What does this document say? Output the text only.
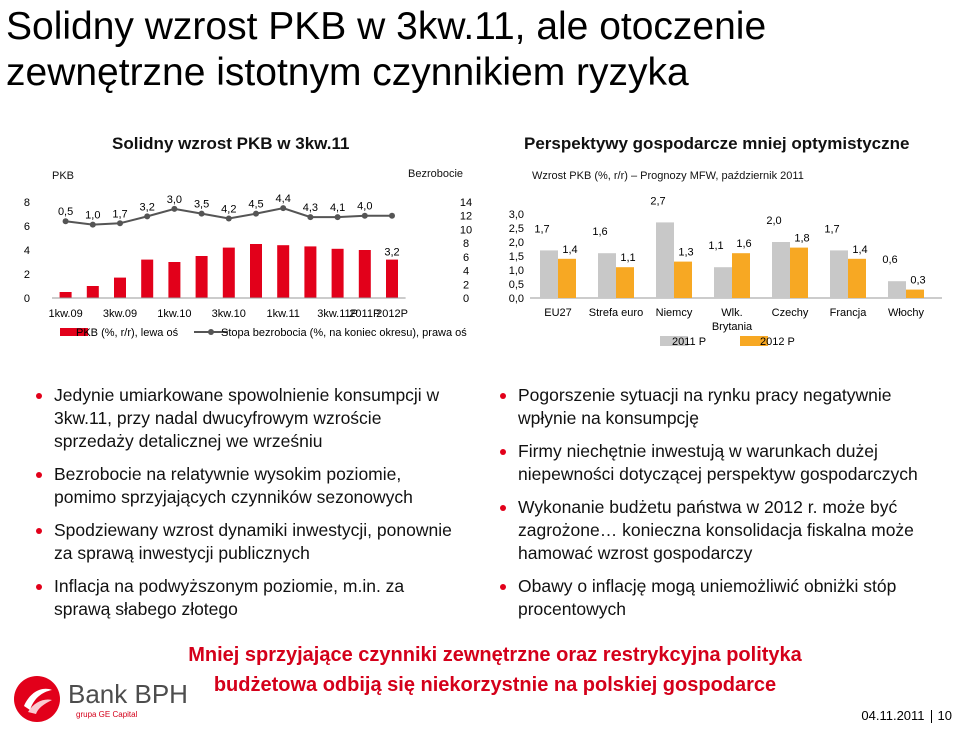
Solidny wzrost PKB w 3kw.11, ale otoczenie
zewnętrzne istotnym czynnikiem ryzyka
Solidny wzrost PKB w 3kw.11
PKB	Bezrobocie
Perspektywy gospodarcze mniej optymistyczne
Wzrost PKB (%, r/r) – Prognozy MFW, październik 2011
0
2
4
6
8
0
2
4
6
8
10
12
14
0,5 1,0 1,7
3,2
3,0 3,5 4,2 4,5 4,4
4,3 4,1 4,0
3,2
1kw.09 3kw.09 1kw.10 3kw.10 1kw.11 3kw.11P
2011P
2012P
PKB (%, r/r), lewa oś	Stopa bezrobocia (%, na koniec okresu), prawa oś
0,0
0,5
1,0
1,5
2,0
2,5
3,0
1,7	1,6
2,7
1,1
2,0
1,7
0,6
1,4
1,1	1,3
1,6	1,8
1,4
0,3
EU27 Strefa euro Niemcy	Wlk.
Brytania
Czechy Francja Włochy
2011 P	2012 P
Jedynie umiarkowane spowolnienie konsumpcji w 3kw.11, przy nadal dwucyfrowym wzroście sprzedaży detalicznej we wrześniu
Bezrobocie na relatywnie wysokim poziomie, pomimo sprzyjających czynników sezonowych
Spodziewany wzrost dynamiki inwestycji, ponownie za sprawą inwestycji publicznych
Inflacja na podwyższonym poziomie, m.in. za sprawą słabego złotego
Pogorszenie sytuacji na rynku pracy negatywnie wpłynie na konsumpcję
Firmy niechętnie inwestują w warunkach dużej niepewności dotyczącej perspektyw gospodarczych
Wykonanie budżetu państwa w 2012 r. może być zagrożone… konieczna konsolidacja fiskalna może hamować wzrost gospodarczy
Obawy o inflację mogą uniemożliwić obniżki stóp procentowych
Mniej sprzyjające czynniki zewnętrzne oraz restrykcyjna polityka
budżetowa odbiją się niekorzystnie na polskiej gospodarce
Bank BPH
grupa GE Capital	04.11.2011 10
